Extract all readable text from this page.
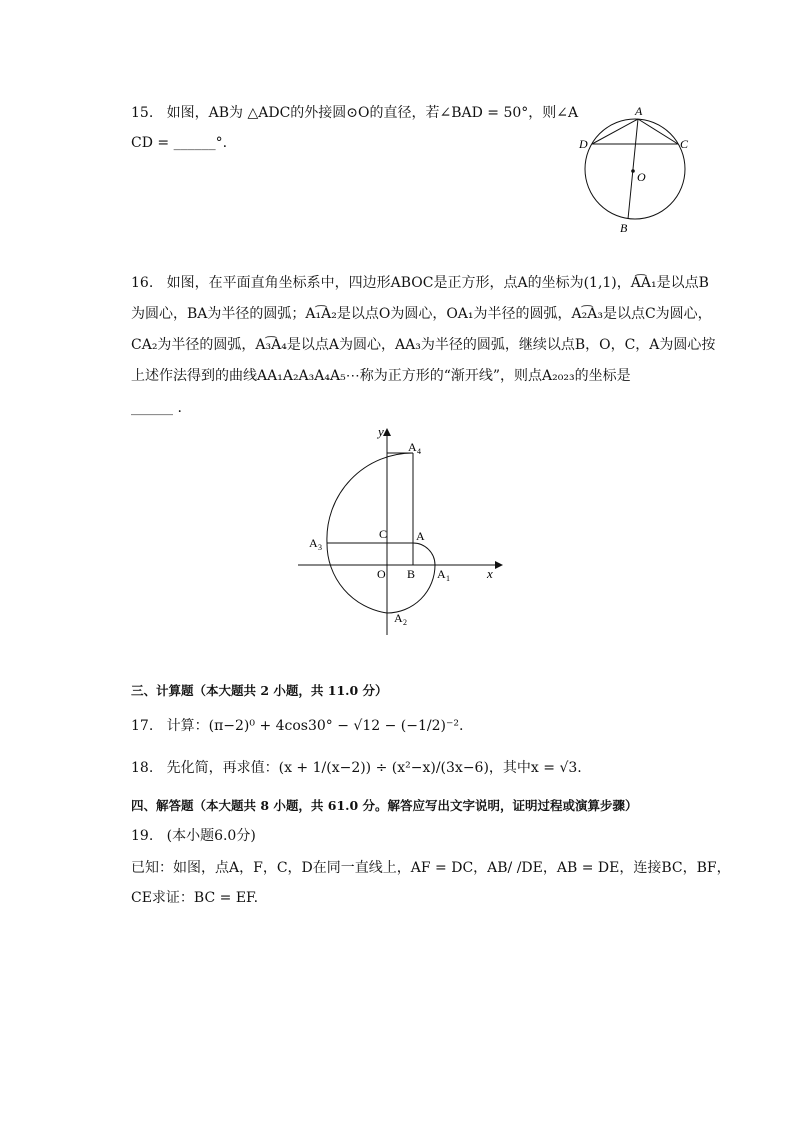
15.   如图，AB为 △ADC的外接圆⊙O的直径，若∠BAD = 50°，则∠A
CD = ______°.
A
D	C
O
B
16.   如图，在平面直角坐标系中，四边形ABOC是正方形，点A的坐标为(1,1)，A͡A₁是以点B
为圆心，BA为半径的圆弧；A₁͡A₂是以点O为圆心，OA₁为半径的圆弧，A₂͡A₃是以点C为圆心，
CA₂为半径的圆弧，A₃͡A₄是以点A为圆心，AA₃为半径的圆弧，继续以点B，O，C，A为圆心按
上述作法得到的曲线AA₁A₂A₃A₄A₅⋯称为正方形的“渐开线”，则点A₂₀₂₃的坐标是
______ .
y
x
A 4
C A
A 3
O B A 1
A 2
三、计算题（本大题共 2 小题，共 11.0 分）
17.   计算：(π−2)⁰ + 4cos30° − √12 − (−1/2)⁻².
18.   先化简，再求值：(x + 1/(x−2)) ÷ (x²−x)/(3x−6)，其中x = √3.
四、解答题（本大题共 8 小题，共 61.0 分。解答应写出文字说明，证明过程或演算步骤）
19.   (本小题6.0分)
已知：如图，点A，F，C，D在同一直线上，AF = DC，AB/ /DE，AB = DE，连接BC，BF，
CE求证：BC = EF.
